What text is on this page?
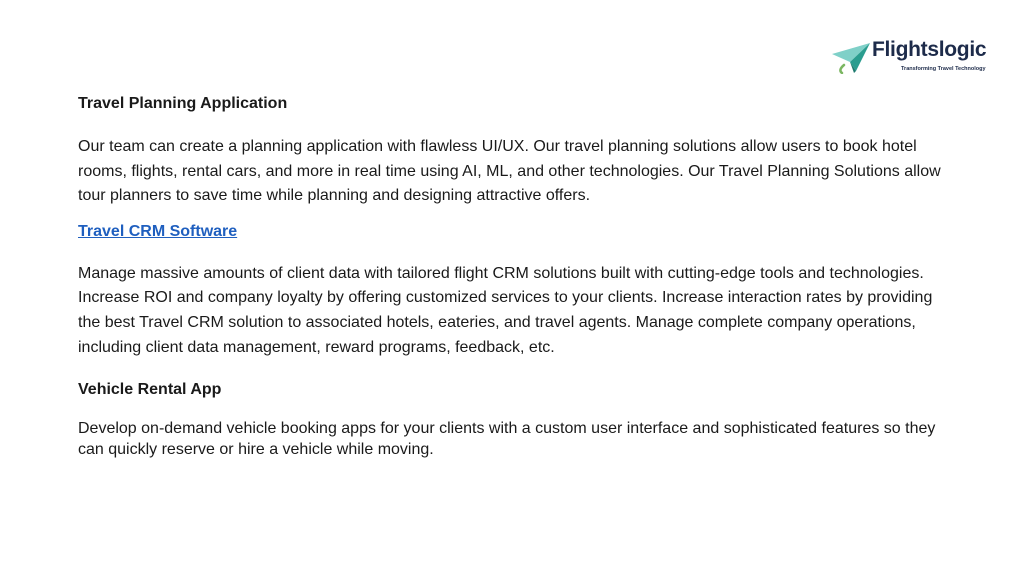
Flightslogic
Transforming Travel Technology

Travel Planning Application

Our team can create a planning application with flawless UI/UX. Our travel planning solutions allow users to book hotel rooms, flights, rental cars, and more in real time using AI, ML, and other technologies. Our Travel Planning Solutions allow tour planners to save time while planning and designing attractive offers.

Travel CRM Software

Manage massive amounts of client data with tailored flight CRM solutions built with cutting-edge tools and technologies. Increase ROI and company loyalty by offering customized services to your clients. Increase interaction rates by providing the best Travel CRM solution to associated hotels, eateries, and travel agents. Manage complete company operations, including client data management, reward programs, feedback, etc.

Vehicle Rental App

Develop on-demand vehicle booking apps for your clients with a custom user interface and sophisticated features so they can quickly reserve or hire a vehicle while moving.
